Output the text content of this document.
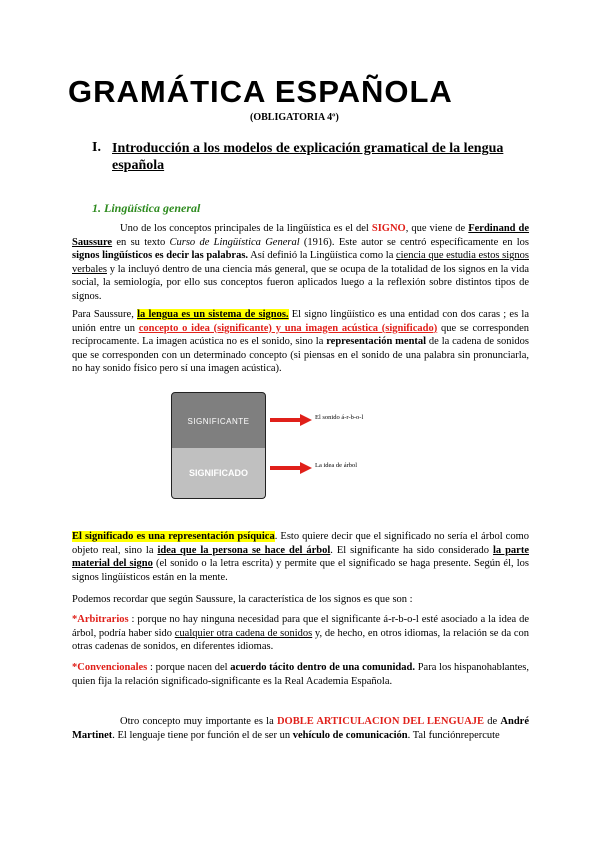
GRAMÁTICA ESPAÑOLA
(OBLIGATORIA 4º)
I. Introducción a los modelos de explicación gramatical de la lengua española
1. Lingüística general
Uno de los conceptos principales de la lingüística es el del SIGNO, que viene de Ferdinand de Saussure en su texto Curso de Lingüística General (1916). Este autor se centró específicamente en los signos lingüísticos es decir las palabras. Así definió la Lingüística como la ciencia que estudia estos signos verbales y la incluyó dentro de una ciencia más general, que se ocupa de la totalidad de los signos en la vida social, la semiología, por ello sus conceptos fueron aplicados luego a la reflexión sobre distintos tipos de signos.
Para Saussure, la lengua es un sistema de signos. El signo lingüístico es una entidad con dos caras ; es la unión entre un concepto o idea (significante) y una imagen acústica (significado) que se corresponden recíprocamente. La imagen acústica no es el sonido, sino la representación mental de la cadena de sonidos que se corresponden con un determinado concepto (si piensas en el sonido de una palabra sin pronunciarla, no hay sonido físico pero sí una imagen acústica).
SIGNIFICANTE
SIGNIFICADO
El sonido á-r-b-o-l
La idea de árbol
El significado es una representación psíquica. Esto quiere decir que el significado no sería el árbol como objeto real, sino la idea que la persona se hace del árbol. El significante ha sido considerado la parte material del signo (el sonido o la letra escrita) y permite que el significado se haga presente. Según él, los signos lingüísticos están en la mente.
Podemos recordar que según Saussure, la característica de los signos es que son :
*Arbitrarios : porque no hay ninguna necesidad para que el significante á-r-b-o-l esté asociado a la idea de árbol, podría haber sido cualquier otra cadena de sonidos y, de hecho, en otros idiomas, la relación se da con otras cadenas de sonidos, en diferentes idiomas.
*Convencionales : porque nacen del acuerdo tácito dentro de una comunidad. Para los hispanohablantes, quien fija la relación significado-significante es la Real Academia Española.
Otro concepto muy importante es la DOBLE ARTICULACION DEL LENGUAJE de André Martinet. El lenguaje tiene por función el de ser un vehículo de comunicación. Tal funciónrepercute
